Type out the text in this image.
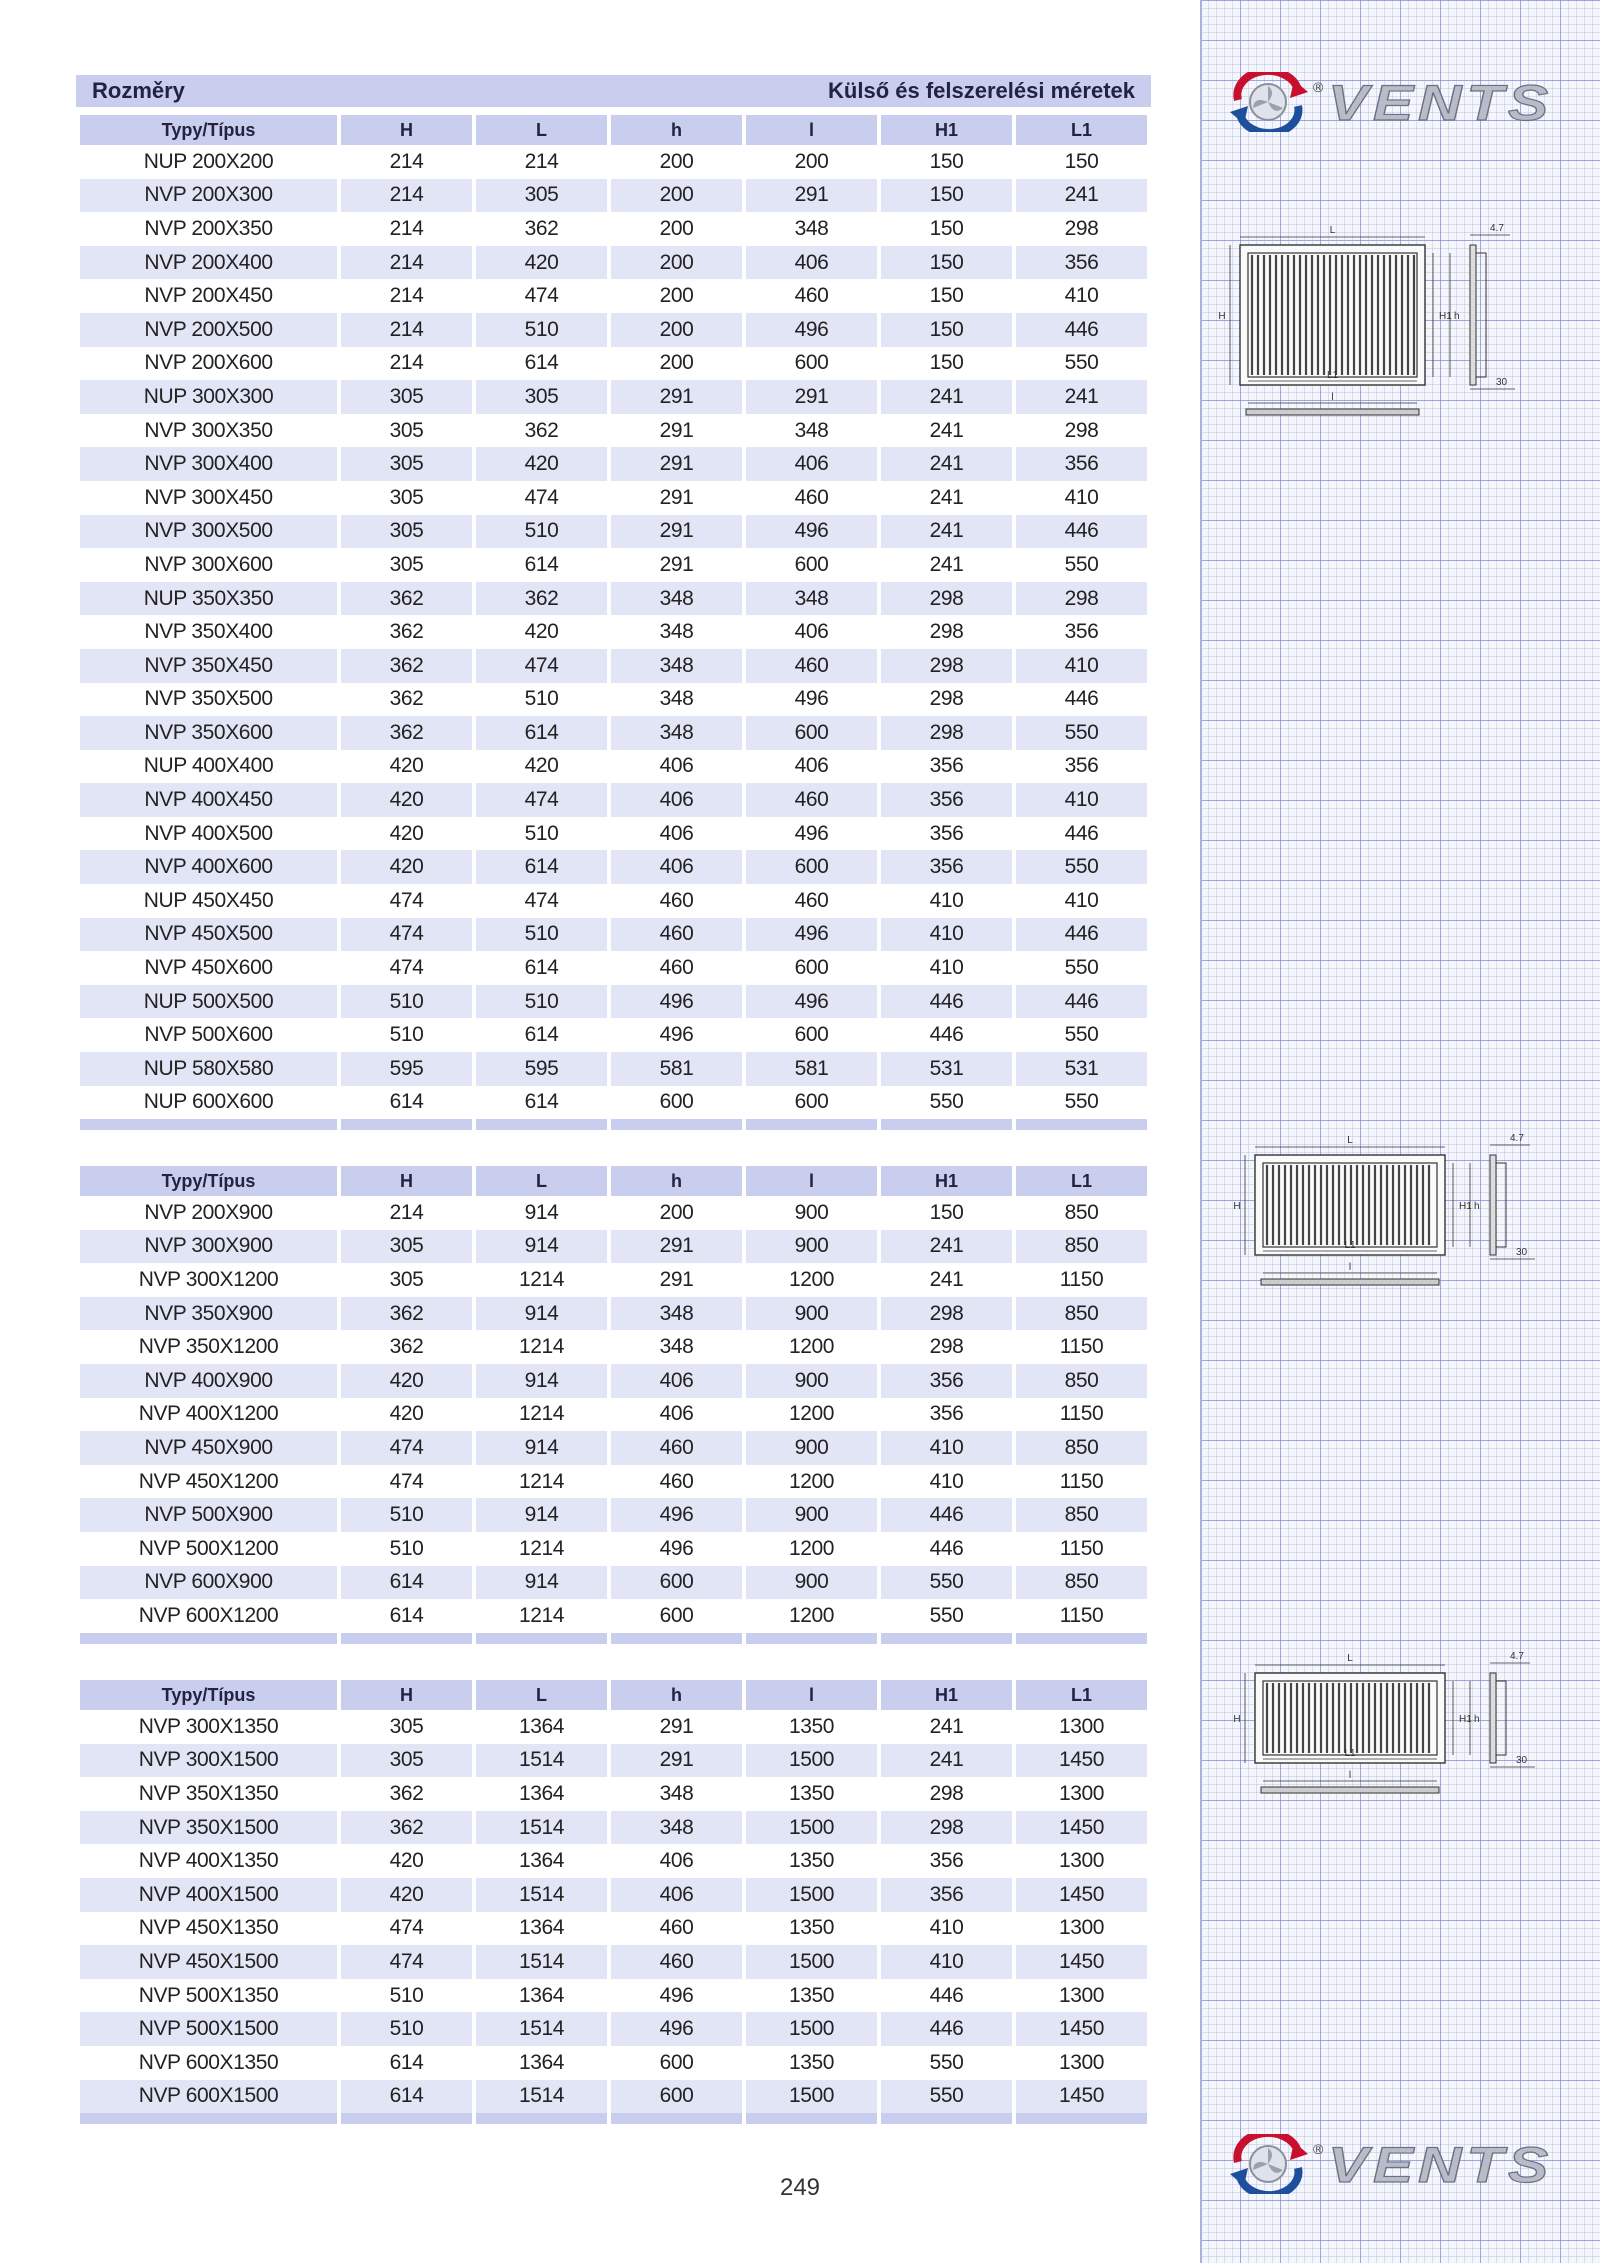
Rozměry	Külső és felszerelési méretek
Typy/Típus	H	L	h	l	H1	L1
NUP 200X200	214	214	200	200	150	150
NVP 200X300	214	305	200	291	150	241
NVP 200X350	214	362	200	348	150	298
NVP 200X400	214	420	200	406	150	356
NVP 200X450	214	474	200	460	150	410
NVP 200X500	214	510	200	496	150	446
NVP 200X600	214	614	200	600	150	550
NUP 300X300	305	305	291	291	241	241
NVP 300X350	305	362	291	348	241	298
NVP 300X400	305	420	291	406	241	356
NVP 300X450	305	474	291	460	241	410
NVP 300X500	305	510	291	496	241	446
NVP 300X600	305	614	291	600	241	550
NUP 350X350	362	362	348	348	298	298
NVP 350X400	362	420	348	406	298	356
NVP 350X450	362	474	348	460	298	410
NVP 350X500	362	510	348	496	298	446
NVP 350X600	362	614	348	600	298	550
NUP 400X400	420	420	406	406	356	356
NVP 400X450	420	474	406	460	356	410
NVP 400X500	420	510	406	496	356	446
NVP 400X600	420	614	406	600	356	550
NUP 450X450	474	474	460	460	410	410
NVP 450X500	474	510	460	496	410	446
NVP 450X600	474	614	460	600	410	550
NUP 500X500	510	510	496	496	446	446
NVP 500X600	510	614	496	600	446	550
NUP 580X580	595	595	581	581	531	531
NUP 600X600	614	614	600	600	550	550

Typy/Típus	H	L	h	l	H1	L1
NVP 200X900	214	914	200	900	150	850
NVP 300X900	305	914	291	900	241	850
NVP 300X1200	305	1214	291	1200	241	1150
NVP 350X900	362	914	348	900	298	850
NVP 350X1200	362	1214	348	1200	298	1150
NVP 400X900	420	914	406	900	356	850
NVP 400X1200	420	1214	406	1200	356	1150
NVP 450X900	474	914	460	900	410	850
NVP 450X1200	474	1214	460	1200	410	1150
NVP 500X900	510	914	496	900	446	850
NVP 500X1200	510	1214	496	1200	446	1150
NVP 600X900	614	914	600	900	550	850
NVP 600X1200	614	1214	600	1200	550	1150

Typy/Típus	H	L	h	l	H1	L1
NVP 300X1350	305	1364	291	1350	241	1300
NVP 300X1500	305	1514	291	1500	241	1450
NVP 350X1350	362	1364	348	1350	298	1300
NVP 350X1500	362	1514	348	1500	298	1450
NVP 400X1350	420	1364	406	1350	356	1300
NVP 400X1500	420	1514	406	1500	356	1450
NVP 450X1350	474	1364	460	1350	410	1300
NVP 450X1500	474	1514	460	1500	410	1450
NVP 500X1350	510	1364	496	1350	446	1300
NVP 500X1500	510	1514	496	1500	446	1450
NVP 600X1350	614	1364	600	1350	550	1300
NVP 600X1500	614	1514	600	1500	550	1450

® VENTS
® VENTS
L
H	H1
L1
l
h
4.7
30
L
H	H1
L1
l
h
4.7
30
L
H	H1
L1
l
h
4.7
30
249
